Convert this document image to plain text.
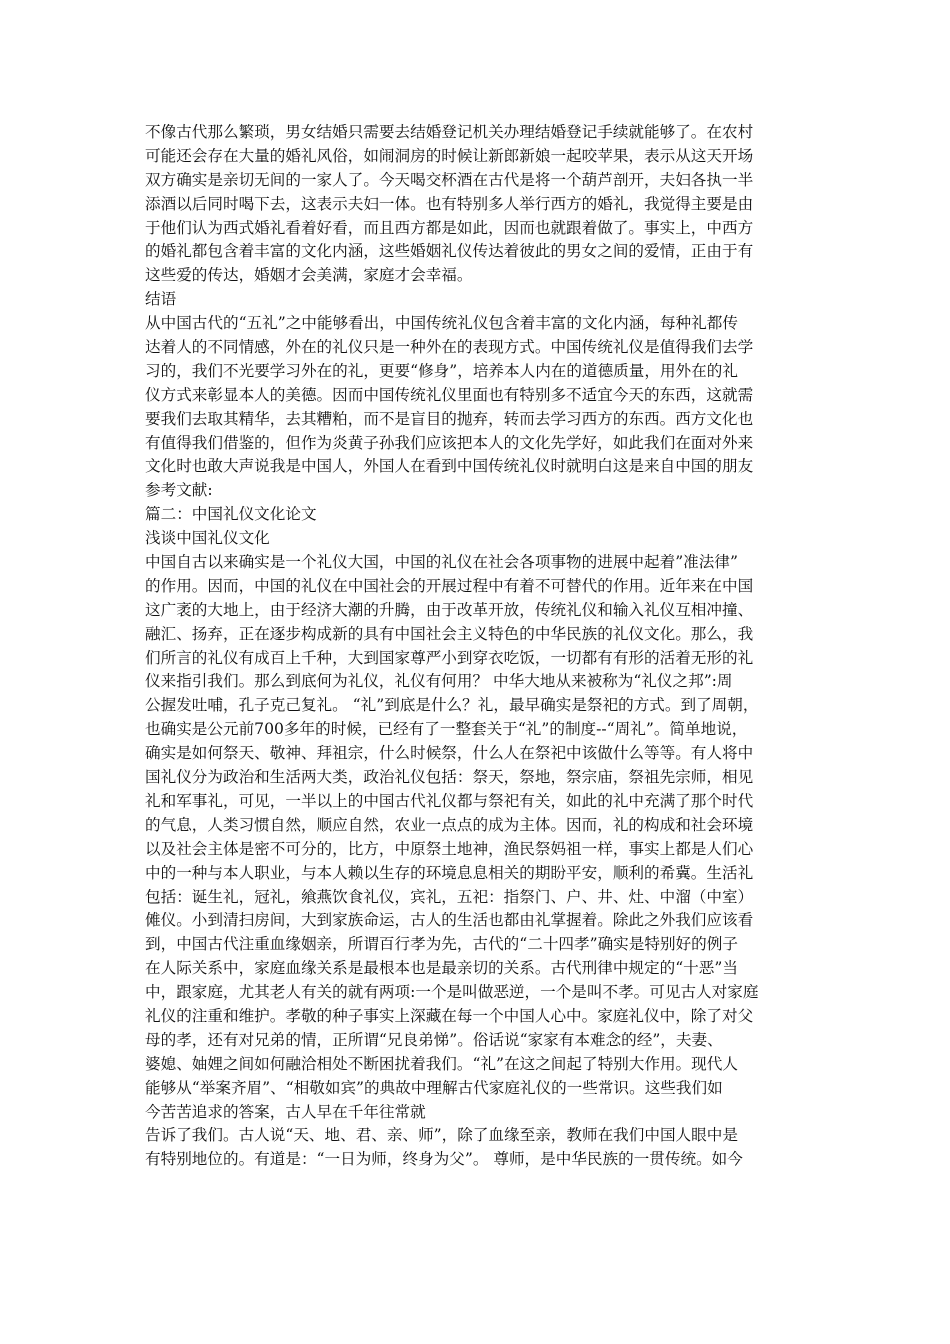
不像古代那么繁琐，男女结婚只需要去结婚登记机关办理结婚登记手续就能够了。在农村
可能还会存在大量的婚礼风俗，如闹洞房的时候让新郎新娘一起咬苹果，表示从这天开场
双方确实是亲切无间的一家人了。今天喝交杯酒在古代是将一个葫芦剖开，夫妇各执一半
添酒以后同时喝下去，这表示夫妇一体。也有特别多人举行西方的婚礼，我觉得主要是由
于他们认为西式婚礼看着好看，而且西方都是如此，因而也就跟着做了。事实上，中西方
的婚礼都包含着丰富的文化内涵，这些婚姻礼仪传达着彼此的男女之间的爱情，正由于有
这些爱的传达，婚姻才会美满，家庭才会幸福。
结语
从中国古代的“五礼”之中能够看出，中国传统礼仪包含着丰富的文化内涵，每种礼都传
达着人的不同情感，外在的礼仪只是一种外在的表现方式。中国传统礼仪是值得我们去学
习的，我们不光要学习外在的礼，更要“修身”，培养本人内在的道德质量，用外在的礼
仪方式来彰显本人的美德。因而中国传统礼仪里面也有特别多不适宜今天的东西，这就需
要我们去取其精华，去其糟粕，而不是盲目的抛弃，转而去学习西方的东西。西方文化也
有值得我们借鉴的，但作为炎黄子孙我们应该把本人的文化先学好，如此我们在面对外来
文化时也敢大声说我是中国人，外国人在看到中国传统礼仪时就明白这是来自中国的朋友
参考文献:
篇二：中国礼仪文化论文
浅谈中国礼仪文化
中国自古以来确实是一个礼仪大国，中国的礼仪在社会各项事物的进展中起着”准法律”
的作用。因而，中国的礼仪在中国社会的开展过程中有着不可替代的作用。近年来在中国
这广袤的大地上，由于经济大潮的升腾，由于改革开放，传统礼仪和输入礼仪互相冲撞、
融汇、扬弃，正在逐步构成新的具有中国社会主义特色的中华民族的礼仪文化。那么，我
们所言的礼仪有成百上千种，大到国家尊严小到穿衣吃饭，一切都有有形的活着无形的礼
仪来指引我们。那么到底何为礼仪，礼仪有何用？ 中华大地从来被称为“礼仪之邦”:周
公握发吐哺，孔子克己复礼。 “礼”到底是什么？礼，最早确实是祭祀的方式。到了周朝，
也确实是公元前700多年的时候，已经有了一整套关于“礼”的制度--“周礼”。简单地说，
确实是如何祭天、敬神、拜祖宗，什么时候祭，什么人在祭祀中该做什么等等。有人将中
国礼仪分为政治和生活两大类，政治礼仪包括：祭天，祭地，祭宗庙，祭祖先宗师，相见
礼和军事礼，可见，一半以上的中国古代礼仪都与祭祀有关，如此的礼中充满了那个时代
的气息，人类习惯自然，顺应自然，农业一点点的成为主体。因而，礼的构成和社会环境
以及社会主体是密不可分的，比方，中原祭土地神，渔民祭妈祖一样，事实上都是人们心
中的一种与本人职业，与本人赖以生存的环境息息相关的期盼平安，顺利的希冀。生活礼
包括：诞生礼，冠礼，飨燕饮食礼仪，宾礼，五祀：指祭门、户、井、灶、中溜（中室）
傩仪。小到清扫房间，大到家族命运，古人的生活也都由礼掌握着。除此之外我们应该看
到，中国古代注重血缘姻亲，所谓百行孝为先，古代的“二十四孝”确实是特别好的例子
在人际关系中，家庭血缘关系是最根本也是最亲切的关系。古代刑律中规定的“十恶”当
中，跟家庭，尤其老人有关的就有两项:一个是叫做恶逆，一个是叫不孝。可见古人对家庭
礼仪的注重和维护。孝敬的种子事实上深藏在每一个中国人心中。家庭礼仪中，除了对父
母的孝，还有对兄弟的情，正所谓“兄良弟悌”。俗话说“家家有本难念的经”，夫妻、
婆媳、妯娌之间如何融洽相处不断困扰着我们。“礼”在这之间起了特别大作用。现代人
能够从“举案齐眉”、“相敬如宾”的典故中理解古代家庭礼仪的一些常识。这些我们如
今苦苦追求的答案，古人早在千年往常就
告诉了我们。古人说“天、地、君、亲、师”，除了血缘至亲，教师在我们中国人眼中是
有特别地位的。有道是：“一日为师，终身为父”。 尊师，是中华民族的一贯传统。如今
